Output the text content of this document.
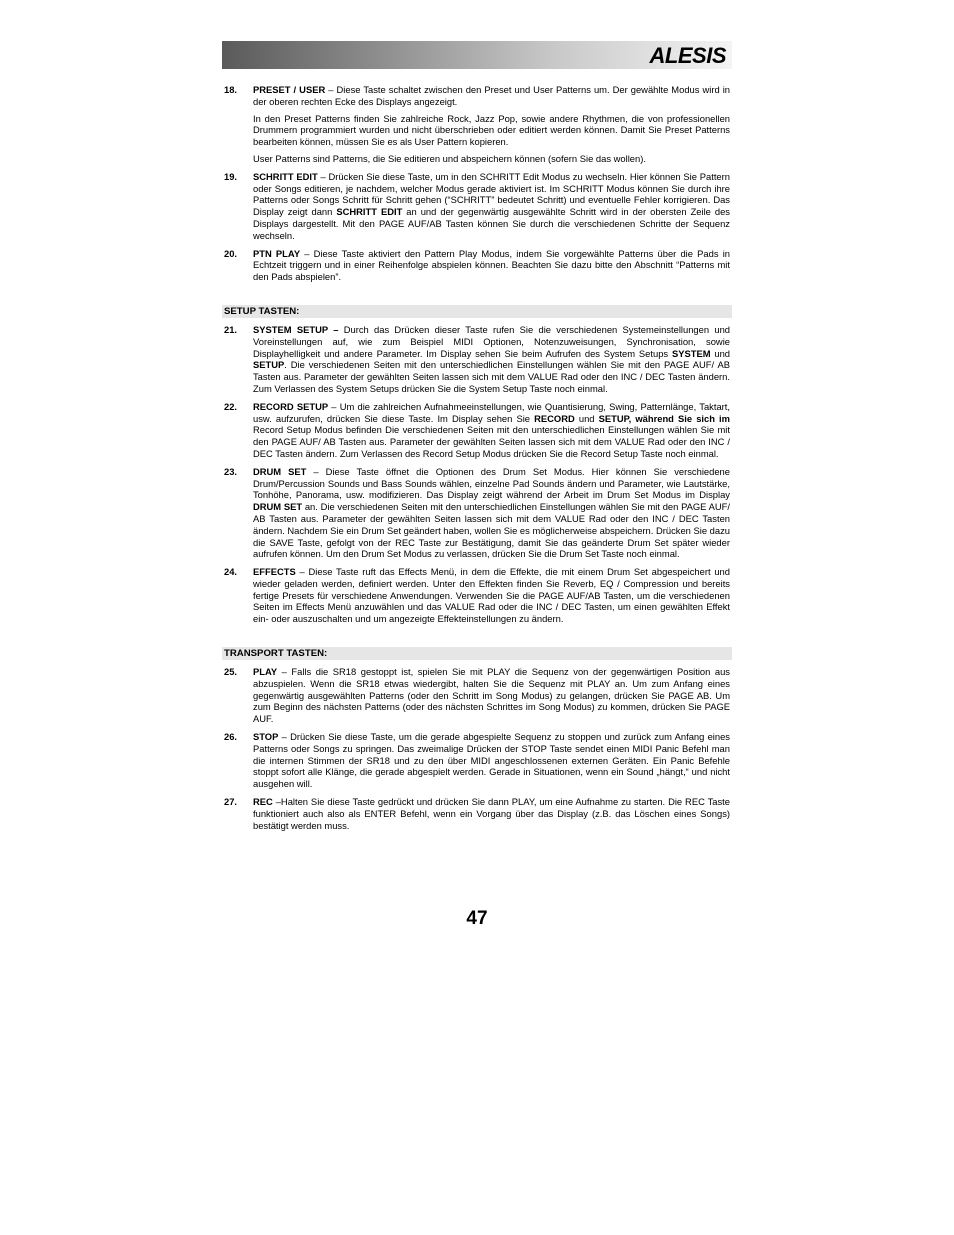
ALESIS
18. PRESET / USER – Diese Taste schaltet zwischen den Preset und User Patterns um. Der gewählte Modus wird in der oberen rechten Ecke des Displays angezeigt.

In den Preset Patterns finden Sie zahlreiche Rock, Jazz Pop, sowie andere Rhythmen, die von professionellen Drummern programmiert wurden und nicht überschrieben oder editiert werden können. Damit Sie Preset Patterns bearbeiten können, müssen Sie es als User Pattern kopieren.

User Patterns sind Patterns, die Sie editieren und abspeichern können (sofern Sie das wollen).

19. SCHRITT EDIT – Drücken Sie diese Taste, um in den SCHRITT Edit Modus zu wechseln. Hier können Sie Pattern oder Songs editieren, je nachdem, welcher Modus gerade aktiviert ist. Im SCHRITT Modus können Sie durch ihre Patterns oder Songs Schritt für Schritt gehen (“SCHRITT” bedeutet Schritt) und eventuelle Fehler korrigieren. Das Display zeigt dann SCHRITT EDIT an und der gegenwärtig ausgewählte Schritt wird in der obersten Zeile des Displays dargestellt. Mit den PAGE AUF/AB Tasten können Sie durch die verschiedenen Schritte der Sequenz wechseln.

20. PTN PLAY – Diese Taste aktiviert den Pattern Play Modus, indem Sie vorgewählte Patterns über die Pads in Echtzeit triggern und in einer Reihenfolge abspielen können. Beachten Sie dazu bitte den Abschnitt “Patterns mit den Pads abspielen”.

SETUP TASTEN:
21. SYSTEM SETUP – Durch das Drücken dieser Taste rufen Sie die verschiedenen Systemeinstellungen und Voreinstellungen auf, wie zum Beispiel MIDI Optionen, Notenzuweisungen, Synchronisation, sowie Displayhelligkeit und andere Parameter. Im Display sehen Sie beim Aufrufen des System Setups SYSTEM und SETUP. Die verschiedenen Seiten mit den unterschiedlichen Einstellungen wählen Sie mit den PAGE AUF/ AB Tasten aus. Parameter der gewählten Seiten lassen sich mit dem VALUE Rad oder den INC / DEC Tasten ändern. Zum Verlassen des System Setups drücken Sie die System Setup Taste noch einmal.

22. RECORD SETUP – Um die zahlreichen Aufnahmeeinstellungen, wie Quantisierung, Swing, Patternlänge, Taktart, usw. aufzurufen, drücken Sie diese Taste. Im Display sehen Sie RECORD und SETUP, während Sie sich im Record Setup Modus befinden Die verschiedenen Seiten mit den unterschiedlichen Einstellungen wählen Sie mit den PAGE AUF/ AB Tasten aus. Parameter der gewählten Seiten lassen sich mit dem VALUE Rad oder den INC / DEC Tasten ändern. Zum Verlassen des Record Setup Modus drücken Sie die Record Setup Taste noch einmal.

23. DRUM SET – Diese Taste öffnet die Optionen des Drum Set Modus. Hier können Sie verschiedene Drum/Percussion Sounds und Bass Sounds wählen, einzelne Pad Sounds ändern und Parameter, wie Lautstärke, Tonhöhe, Panorama, usw. modifizieren. Das Display zeigt während der Arbeit im Drum Set Modus im Display DRUM SET an. Die verschiedenen Seiten mit den unterschiedlichen Einstellungen wählen Sie mit den PAGE AUF/ AB Tasten aus. Parameter der gewählten Seiten lassen sich mit dem VALUE Rad oder den INC / DEC Tasten ändern. Nachdem Sie ein Drum Set geändert haben, wollen Sie es möglicherweise abspeichern. Drücken Sie dazu die SAVE Taste, gefolgt von der REC Taste zur Bestätigung, damit Sie das geänderte Drum Set später wieder aufrufen können. Um den Drum Set Modus zu verlassen, drücken Sie die Drum Set Taste noch einmal.

24. EFFECTS – Diese Taste ruft das Effects Menü, in dem die Effekte, die mit einem Drum Set abgespeichert und wieder geladen werden, definiert werden. Unter den Effekten finden Sie Reverb, EQ / Compression und bereits fertige Presets für verschiedene Anwendungen. Verwenden Sie die PAGE AUF/AB Tasten, um die verschiedenen Seiten im Effects Menü anzuwählen und das VALUE Rad oder die INC / DEC Tasten, um einen gewählten Effekt ein- oder auszuschalten und um angezeigte Effekteinstellungen zu ändern.

TRANSPORT TASTEN:
25. PLAY – Falls die SR18 gestoppt ist, spielen Sie mit PLAY die Sequenz von der gegenwärtigen Position aus abzuspielen. Wenn die SR18 etwas wiedergibt, halten Sie die Sequenz mit PLAY an. Um zum Anfang eines gegenwärtig ausgewählten Patterns (oder den Schritt im Song Modus) zu gelangen, drücken Sie PAGE AB. Um zum Beginn des nächsten Patterns (oder des nächsten Schrittes im Song Modus) zu kommen, drücken Sie PAGE AUF.

26. STOP – Drücken Sie diese Taste, um die gerade abgespielte Sequenz zu stoppen und zurück zum Anfang eines Patterns oder Songs zu springen. Das zweimalige Drücken der STOP Taste sendet einen MIDI Panic Befehl man die internen Stimmen der SR18 und zu den über MIDI angeschlossenen externen Geräten. Ein Panic Befehle stoppt sofort alle Klänge, die gerade abgespielt werden. Gerade in Situationen, wenn ein Sound „hängt,“ und nicht ausgehen will.

27. REC –Halten Sie diese Taste gedrückt und drücken Sie dann PLAY, um eine Aufnahme zu starten. Die REC Taste funktioniert auch also als ENTER Befehl, wenn ein Vorgang über das Display (z.B. das Löschen eines Songs) bestätigt werden muss.

47
